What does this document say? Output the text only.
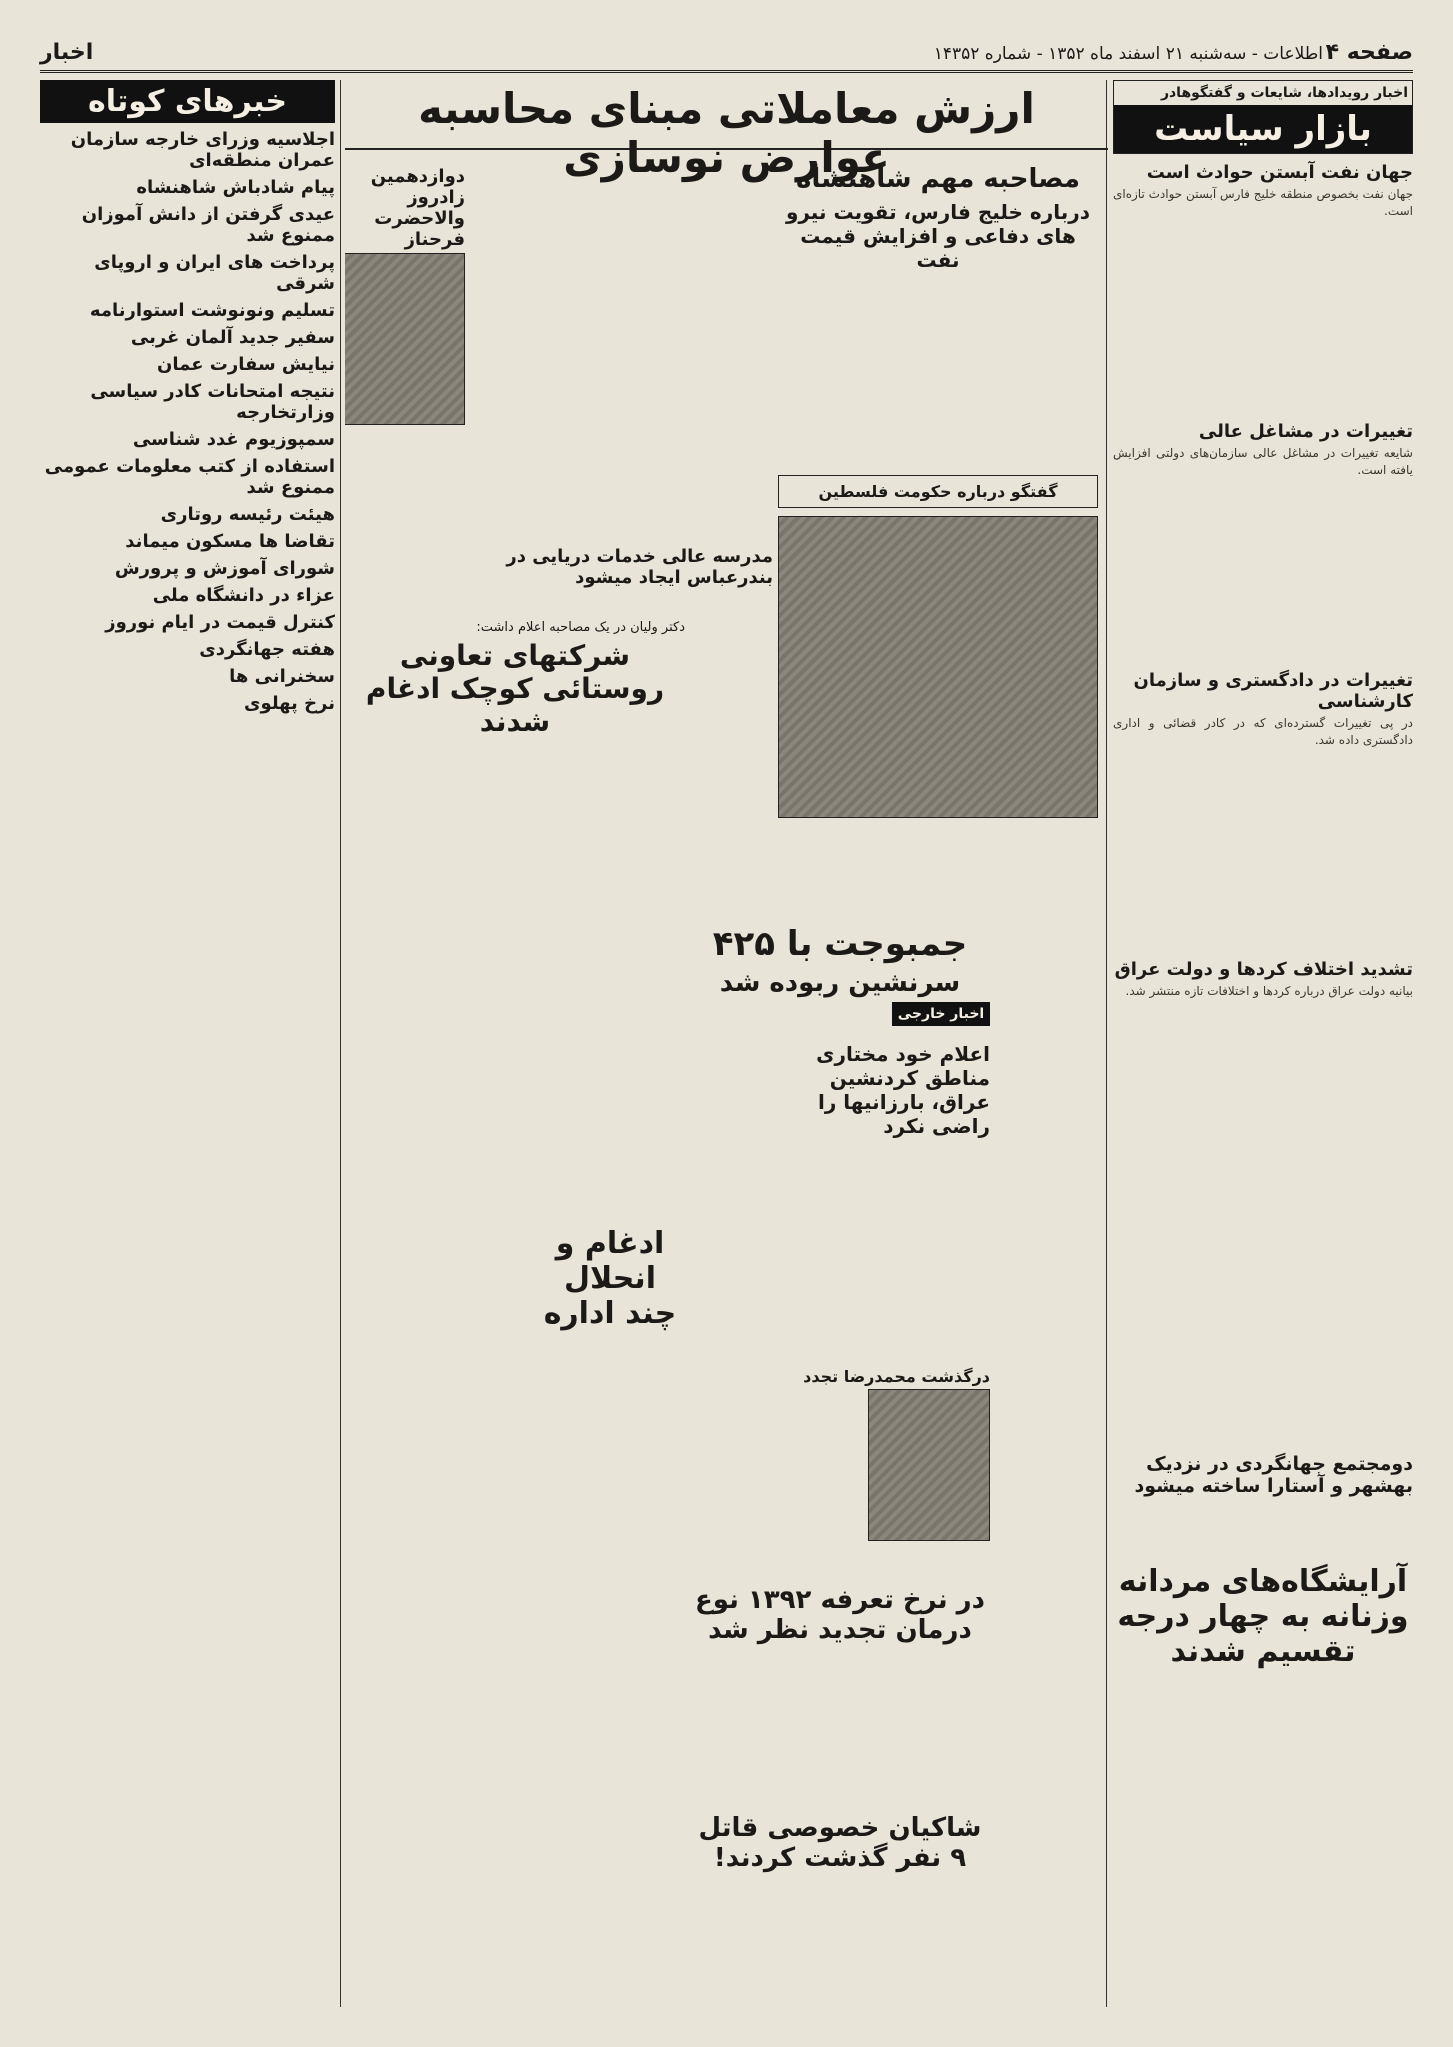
صفحه ۴
اطلاعات - سه‌شنبه ۲۱ اسفند ماه ۱۳۵۲ - شماره ۱۴۳۵۲
اخبار
اخبار رویدادها، شایعات و گفتگوهادر
بازار سیاست
جهان نفت آبستن حوادث است

جهان نفت بخصوص منطقه خلیج فارس آبستن حوادث تازه‌ای است.

تغییرات در مشاغل عالی

شایعه تغییرات در مشاغل عالی سازمان‌های دولتی افزایش یافته است.

تغییرات در دادگستری و سازمان کارشناسی

در پی تغییرات گسترده‌ای که در کادر قضائی و اداری دادگستری داده شد.

تشدید اختلاف کردها و دولت عراق

بیانیه دولت عراق درباره کردها و اختلافات تازه منتشر شد.

دومجتمع جهانگردی در نزدیک بهشهر و آستارا ساخته میشود
آرایشگاه‌های مردانه وزنانه به چهار درجه تقسیم شدند
ارزش معاملاتی مبنای محاسبه عوارض نوسازی
مصاحبه مهم شاهنشاه
درباره خلیج فارس، تقویت نیرو های دفاعی و افزایش قیمت نفت
گفتگو درباره حکومت فلسطین
مدرسه عالی خدمات دریایی در بندرعباس ایجاد میشود
دوازدهمین زادروز والاحضرت فرحناز
دکتر ولیان در یک مصاحبه اعلام داشت:
شرکتهای تعاونی روستائی کوچک ادغام شدند
ادغام و انحلال چند اداره
جمبوجت با ۴۲۵
سرنشین ربوده شد
اخبار خارجی
اعلام خود مختاری مناطق کردنشین عراق، بارزانیها را راضی نکرد
درگذشت محمدرضا تجدد
در نرخ تعرفه ۱۳۹۲ نوع درمان تجدید نظر شد
شاکیان خصوصی قاتل ۹ نفر گذشت کردند!
خبرهای کوتاه
اجلاسیه وزرای خارجه سازمان عمران منطقه‌ای
پیام شادباش شاهنشاه
عیدی گرفتن از دانش آموزان ممنوع شد
پرداخت های ایران و اروپای شرقی
تسلیم ونونوشت استوارنامه
سفیر جدید آلمان غربی
نیایش سفارت عمان
نتیجه امتحانات کادر سیاسی وزارتخارجه
سمپوزیوم غدد شناسی
استفاده از کتب معلومات عمومی ممنوع شد
هیئت رئیسه روتاری
تقاضا ها مسکون میماند
شورای آموزش و پرورش
عزاء در دانشگاه ملی
کنترل قیمت در ایام نوروز
هفته جهانگردی
سخنرانی ها
نرخ پهلوی
